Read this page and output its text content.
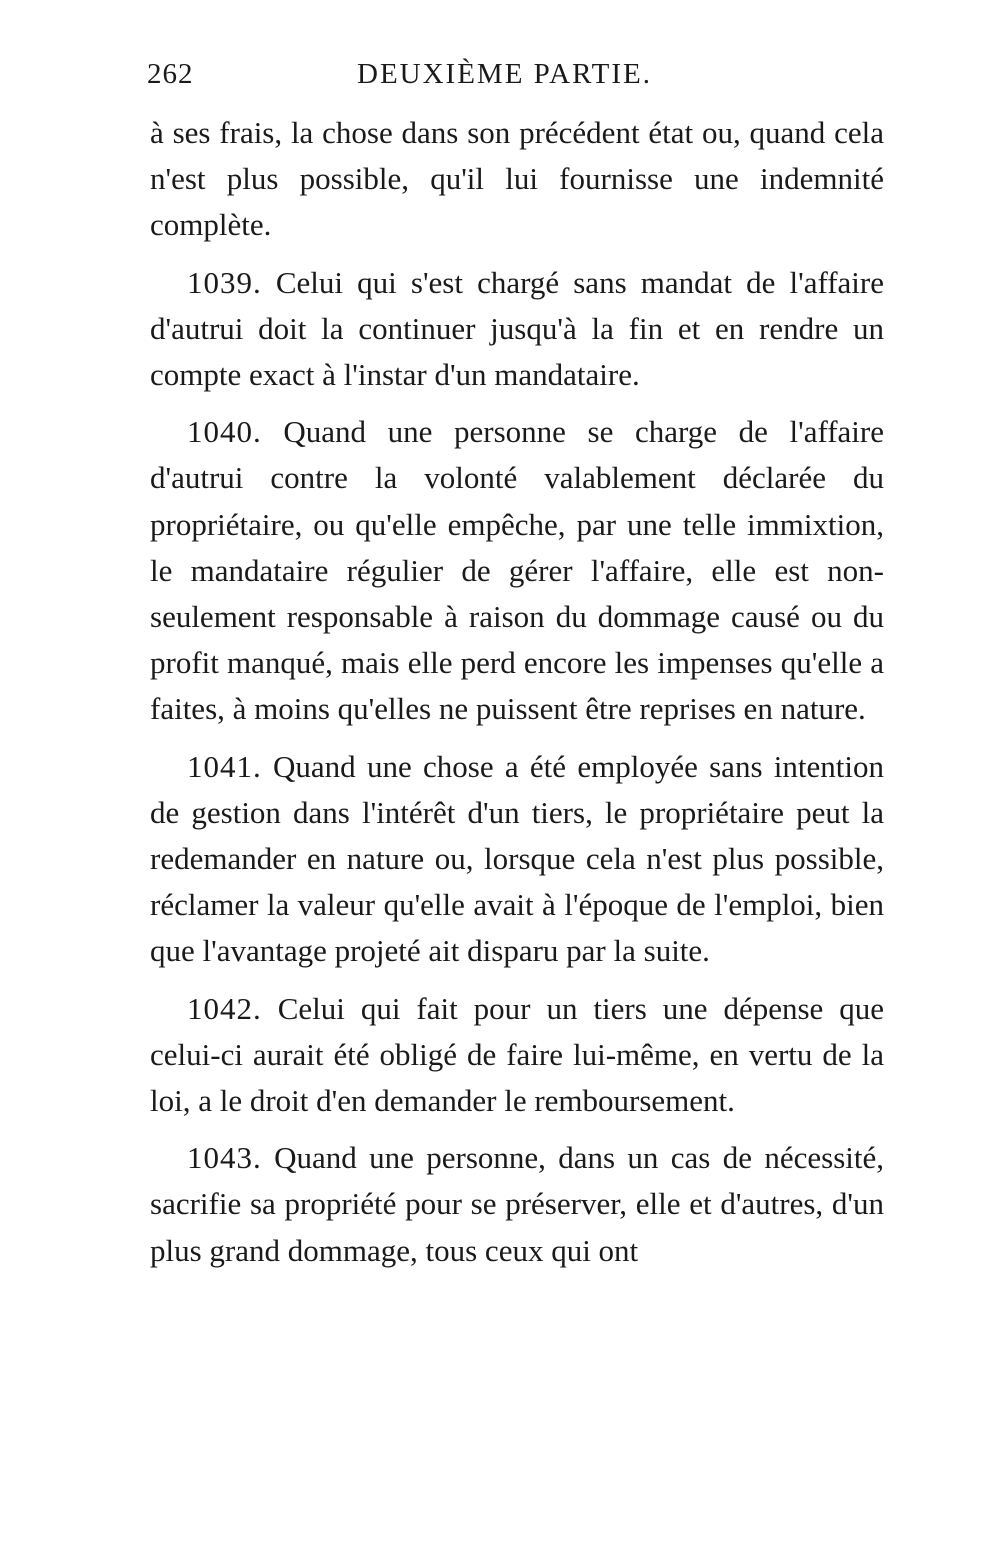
262	DEUXIÈME PARTIE.

à ses frais, la chose dans son précédent état ou, quand cela n'est plus possible, qu'il lui fournisse une indemnité complète.

1039. Celui qui s'est chargé sans mandat de l'affaire d'autrui doit la continuer jusqu'à la fin et en rendre un compte exact à l'instar d'un mandataire.

1040. Quand une personne se charge de l'affaire d'autrui contre la volonté valablement déclarée du propriétaire, ou qu'elle empêche, par une telle immixtion, le mandataire régulier de gérer l'affaire, elle est non-seulement responsable à raison du dommage causé ou du profit manqué, mais elle perd encore les impenses qu'elle a faites, à moins qu'elles ne puissent être reprises en nature.

1041. Quand une chose a été employée sans intention de gestion dans l'intérêt d'un tiers, le propriétaire peut la redemander en nature ou, lorsque cela n'est plus possible, réclamer la valeur qu'elle avait à l'époque de l'emploi, bien que l'avantage projeté ait disparu par la suite.

1042. Celui qui fait pour un tiers une dépense que celui-ci aurait été obligé de faire lui-même, en vertu de la loi, a le droit d'en demander le remboursement.

1043. Quand une personne, dans un cas de nécessité, sacrifie sa propriété pour se préserver, elle et d'autres, d'un plus grand dommage, tous ceux qui ont
